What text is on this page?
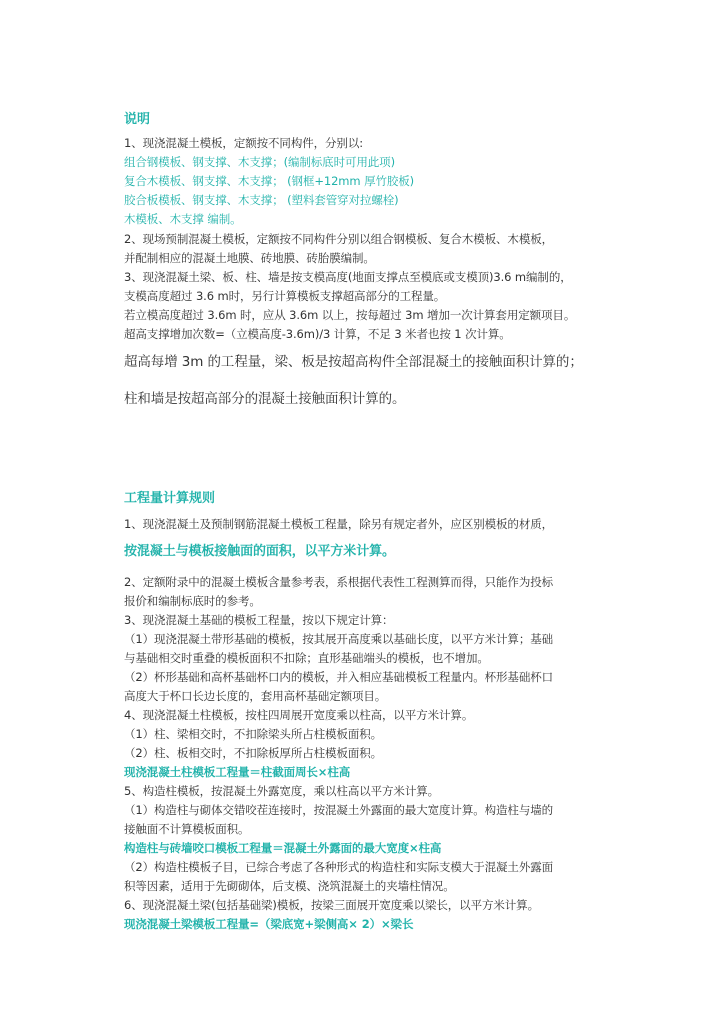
说明
1、现浇混凝土模板，定额按不同构件，分别以:
组合钢模板、钢支撑、木支撑；(编制标底时可用此项)
复合木模板、钢支撑、木支撑； (钢框+12mm 厚竹胶板)
胶合板模板、钢支撑、木支撑； (塑料套管穿对拉螺栓)
木模板、木支撑 编制。
2、现场预制混凝土模板，定额按不同构件分别以组合钢模板、复合木模板、木模板，
并配制相应的混凝土地膜、砖地膜、砖胎膜编制。
3、现浇混凝土梁、板、柱、墙是按支模高度(地面支撑点至模底或支模顶)3.6 m编制的，
支模高度超过 3.6 m时，另行计算模板支撑超高部分的工程量。
若立模高度超过 3.6m 时，应从 3.6m 以上，按每超过 3m 增加一次计算套用定额项目。
超高支撑增加次数=（立模高度-3.6m)/3 计算，不足 3 米者也按 1 次计算。
超高每增 3m 的工程量，梁、板是按超高构件全部混凝土的接触面积计算的；
柱和墙是按超高部分的混凝土接触面积计算的。
工程量计算规则
1、现浇混凝土及预制钢筋混凝土模板工程量，除另有规定者外，应区别模板的材质，
按混凝土与模板接触面的面积，以平方米计算。
2、定额附录中的混凝土模板含量参考表，系根据代表性工程测算而得，只能作为投标
报价和编制标底时的参考。
3、现浇混凝土基础的模板工程量，按以下规定计算：
（1）现浇混凝土带形基础的模板，按其展开高度乘以基础长度，以平方米计算；基础
与基础相交时重叠的模板面积不扣除；直形基础端头的模板，也不增加。
（2）杯形基础和高杯基础杯口内的模板，并入相应基础模板工程量内。杯形基础杯口
高度大于杯口长边长度的，套用高杯基础定额项目。
4、现浇混凝土柱模板，按柱四周展开宽度乘以柱高，以平方米计算。
（1）柱、梁相交时，不扣除梁头所占柱模板面积。
（2）柱、板相交时，不扣除板厚所占柱模板面积。
现浇混凝土柱模板工程量＝柱截面周长×柱高
5、构造柱模板，按混凝土外露宽度，乘以柱高以平方米计算。
（1）构造柱与砌体交错咬茬连接时，按混凝土外露面的最大宽度计算。构造柱与墙的
接触面不计算模板面积。
构造柱与砖墙咬口模板工程量＝混凝土外露面的最大宽度×柱高
（2）构造柱模板子目，已综合考虑了各种形式的构造柱和实际支模大于混凝土外露面
积等因素，适用于先砌砌体，后支模、浇筑混凝土的夹墙柱情况。
6、现浇混凝土梁(包括基础梁)模板，按梁三面展开宽度乘以梁长，以平方米计算。
现浇混凝土梁模板工程量=（梁底宽+梁侧高× 2）×梁长
